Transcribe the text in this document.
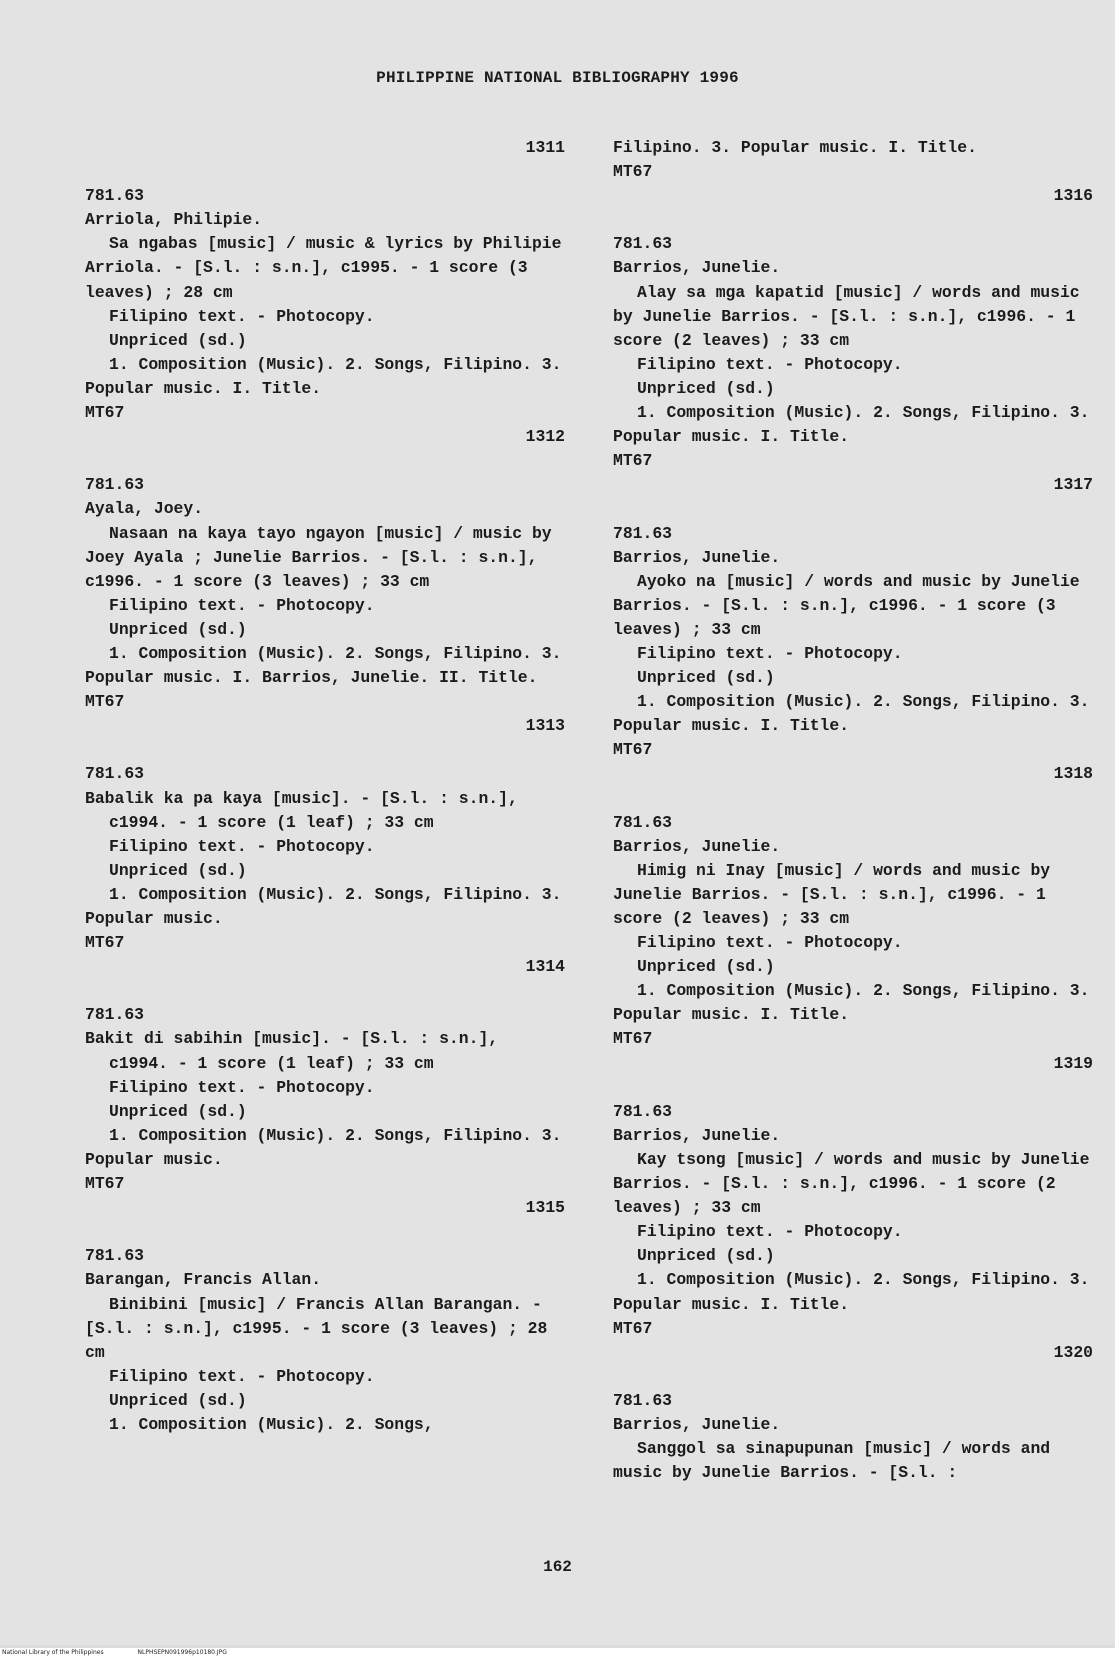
PHILIPPINE NATIONAL BIBLIOGRAPHY 1996
1311

781.63

Arriola, Philipie.

Sa ngabas [music] / music & lyrics by Philipie Arriola. - [S.l. : s.n.], c1995. - 1 score (3 leaves) ; 28 cm

Filipino text. - Photocopy.

Unpriced (sd.)

1. Composition (Music). 2. Songs, Filipino. 3. Popular music. I. Title.

MT67

1312

781.63

Ayala, Joey.

Nasaan na kaya tayo ngayon [music] / music by Joey Ayala ; Junelie Barrios. - [S.l. : s.n.], c1996. - 1 score (3 leaves) ; 33 cm

Filipino text. - Photocopy.

Unpriced (sd.)

1. Composition (Music). 2. Songs, Filipino. 3. Popular music. I. Barrios, Junelie. II. Title.

MT67

1313

781.63

Babalik ka pa kaya [music]. - [S.l. : s.n.], c1994. - 1 score (1 leaf) ; 33 cm

Filipino text. - Photocopy.

Unpriced (sd.)

1. Composition (Music). 2. Songs, Filipino. 3. Popular music.

MT67

1314

781.63

Bakit di sabihin [music]. - [S.l. : s.n.], c1994. - 1 score (1 leaf) ; 33 cm

Filipino text. - Photocopy.

Unpriced (sd.)

1. Composition (Music). 2. Songs, Filipino. 3. Popular music.

MT67

1315

781.63

Barangan, Francis Allan.

Binibini [music] / Francis Allan Barangan. - [S.l. : s.n.], c1995. - 1 score (3 leaves) ; 28 cm

Filipino text. - Photocopy.

Unpriced (sd.)

1. Composition (Music). 2. Songs,

Filipino. 3. Popular music. I. Title.

MT67

1316

781.63

Barrios, Junelie.

Alay sa mga kapatid [music] / words and music by Junelie Barrios. - [S.l. : s.n.], c1996. - 1 score (2 leaves) ; 33 cm

Filipino text. - Photocopy.

Unpriced (sd.)

1. Composition (Music). 2. Songs, Filipino. 3. Popular music. I. Title.

MT67

1317

781.63

Barrios, Junelie.

Ayoko na [music] / words and music by Junelie Barrios. - [S.l. : s.n.], c1996. - 1 score (3 leaves) ; 33 cm

Filipino text. - Photocopy.

Unpriced (sd.)

1. Composition (Music). 2. Songs, Filipino. 3. Popular music. I. Title.

MT67

1318

781.63

Barrios, Junelie.

Himig ni Inay [music] / words and music by Junelie Barrios. - [S.l. : s.n.], c1996. - 1 score (2 leaves) ; 33 cm

Filipino text. - Photocopy.

Unpriced (sd.)

1. Composition (Music). 2. Songs, Filipino. 3. Popular music. I. Title.

MT67

1319

781.63

Barrios, Junelie.

Kay tsong [music] / words and music by Junelie Barrios. - [S.l. : s.n.], c1996. - 1 score (2 leaves) ; 33 cm

Filipino text. - Photocopy.

Unpriced (sd.)

1. Composition (Music). 2. Songs, Filipino. 3. Popular music. I. Title.

MT67

1320

781.63

Barrios, Junelie.

Sanggol sa sinapupunan [music] / words and music by Junelie Barrios. - [S.l. :

162
National Library of the Philippines	NLPHSEPN091996p10180.JPG
